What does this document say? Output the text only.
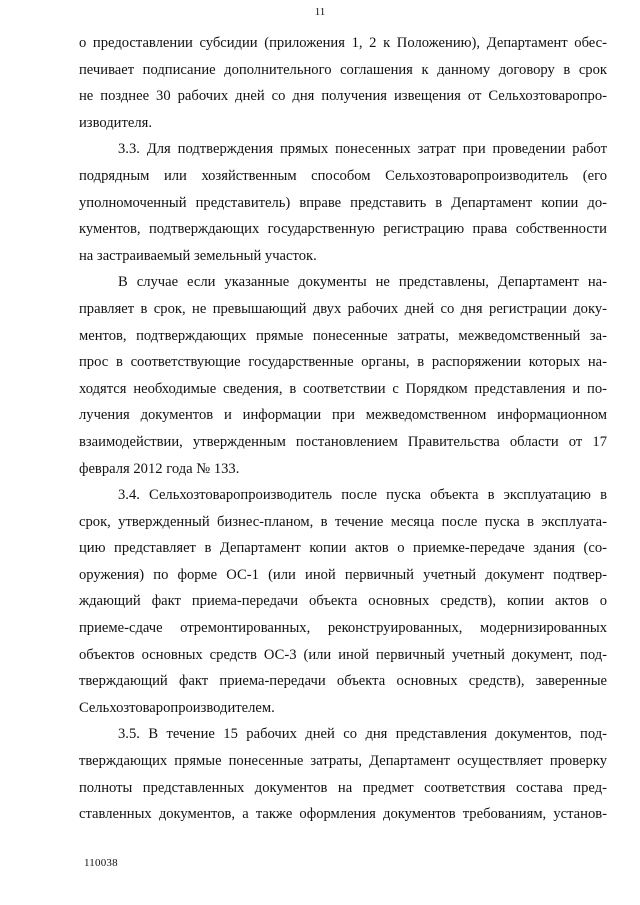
11
о предоставлении субсидии (приложения 1, 2 к Положению), Департамент обес-
печивает подписание дополнительного соглашения к данному договору в срок
не позднее 30 рабочих дней со дня получения извещения от Сельхозтоваропро-
изводителя.
3.3. Для подтверждения прямых понесенных затрат при проведении работ
подрядным или хозяйственным способом Сельхозтоваропроизводитель (его
уполномоченный представитель) вправе представить в Департамент копии до-
кументов, подтверждающих государственную регистрацию права собственности
на застраиваемый земельный участок.
В случае если указанные документы не представлены, Департамент на-
правляет в срок, не превышающий двух рабочих дней со дня регистрации доку-
ментов, подтверждающих прямые понесенные затраты, межведомственный за-
прос в соответствующие государственные органы, в распоряжении которых на-
ходятся необходимые сведения, в соответствии с Порядком представления и по-
лучения документов и информации при межведомственном информационном
взаимодействии, утвержденным постановлением Правительства области от 17
февраля 2012 года № 133.
3.4. Сельхозтоваропроизводитель после пуска объекта в эксплуатацию в
срок, утвержденный бизнес-планом, в течение месяца после пуска в эксплуата-
цию представляет в Департамент копии актов о приемке-передаче здания (со-
оружения) по форме ОС-1 (или иной первичный учетный документ подтвер-
ждающий факт приема-передачи объекта основных средств), копии актов о
приеме-сдаче отремонтированных, реконструированных, модернизированных
объектов основных средств ОС-3 (или иной первичный учетный документ, под-
тверждающий факт приема-передачи объекта основных средств), заверенные
Сельхозтоваропроизводителем.
3.5. В течение 15 рабочих дней со дня представления документов, под-
тверждающих прямые понесенные затраты, Департамент осуществляет проверку
полноты представленных документов на предмет соответствия состава пред-
ставленных документов, а также оформления документов требованиям, установ-
110038
